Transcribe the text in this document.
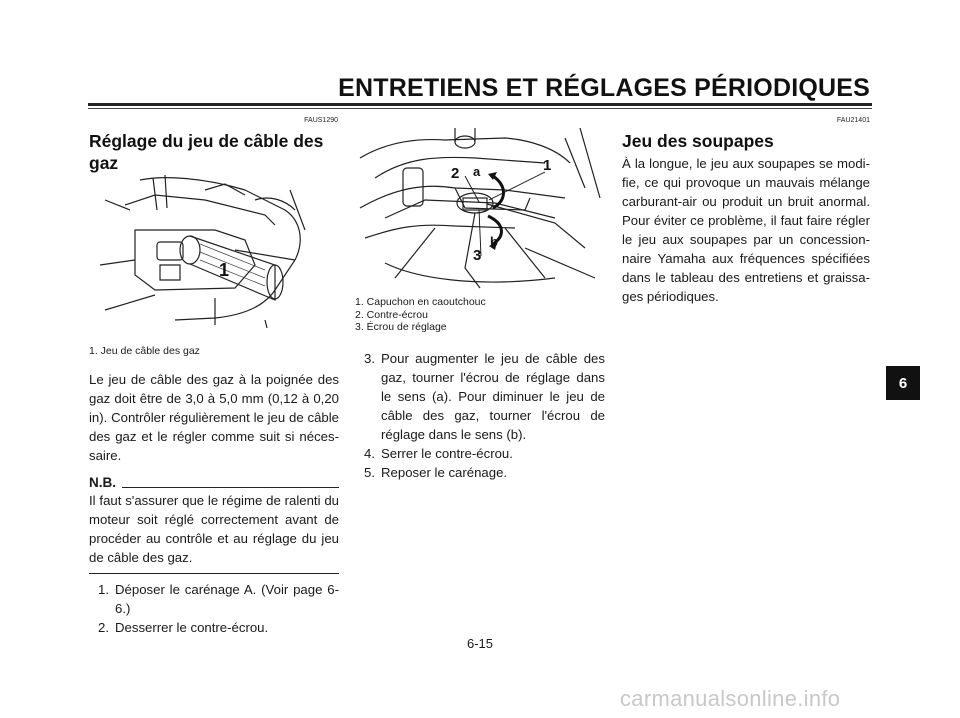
ENTRETIENS ET RÉGLAGES PÉRIODIQUES
FAUS1290
Réglage du jeu de câble des
gaz
1
1. Jeu de câble des gaz
Le jeu de câble des gaz à la poignée des gaz doit être de 3,0 à 5,0 mm (0,12 à 0,20 in). Contrôler régulièrement le jeu de câble des gaz et le régler comme suit si néces- saire.
N.B.
Il faut s'assurer que le régime de ralenti du moteur soit réglé correctement avant de procéder au contrôle et au réglage du jeu de câble des gaz.
1. Déposer le carénage A. (Voir page 6-6.)
2. Desserrer le contre-écrou.
2 a	1
b
3
1. Capuchon en caoutchouc
2. Contre-écrou
3. Écrou de réglage
3. Pour augmenter le jeu de câble des gaz, tourner l'écrou de réglage dans le sens (a). Pour diminuer le jeu de câble des gaz, tourner l'écrou de réglage dans le sens (b).
4. Serrer le contre-écrou.
5. Reposer le carénage.
FAU21401
Jeu des soupapes
À la longue, le jeu aux soupapes se modi- fie, ce qui provoque un mauvais mélange carburant-air ou produit un bruit anormal. Pour éviter ce problème, il faut faire régler le jeu aux soupapes par un concession- naire Yamaha aux fréquences spécifiées dans le tableau des entretiens et graissa- ges périodiques.
6
6-15
carmanualsonline.info
